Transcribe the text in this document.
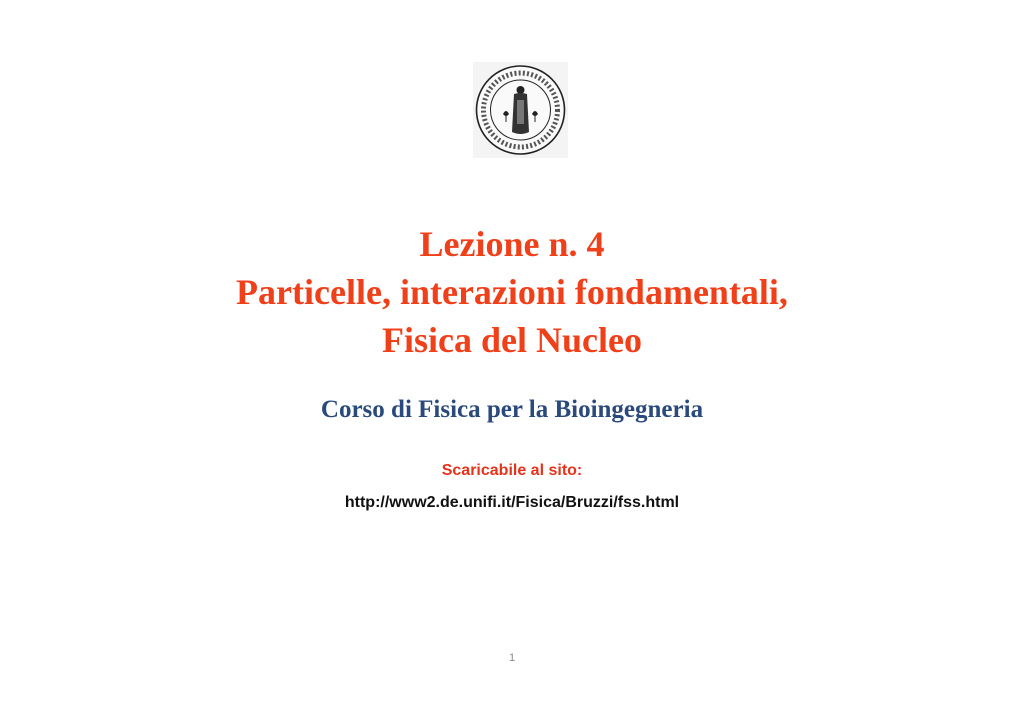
Lezione n. 4
Particelle, interazioni fondamentali,
Fisica del Nucleo
Corso di Fisica per la Bioingegneria
Scaricabile al sito:
http://www2.de.unifi.it/Fisica/Bruzzi/fss.html
1
